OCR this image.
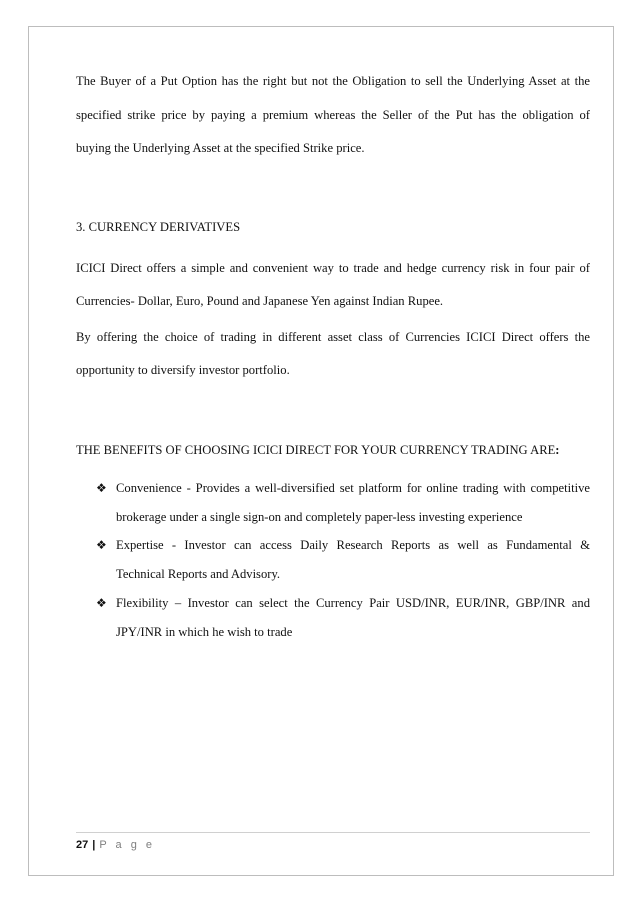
The Buyer of a Put Option has the right but not the Obligation to sell the Underlying Asset at the
specified strike price by paying a premium whereas the Seller of the Put has the obligation of
buying the Underlying Asset at the specified Strike price.
3. CURRENCY DERIVATIVES
ICICI Direct offers a simple and convenient way to trade and hedge currency risk in four pair of
Currencies- Dollar, Euro, Pound and Japanese Yen against Indian Rupee.
By offering the choice of trading in different asset class of Currencies ICICI Direct offers the
opportunity to diversify investor portfolio.
THE BENEFITS OF CHOOSING ICICI DIRECT FOR YOUR CURRENCY TRADING ARE:
❖ Convenience - Provides a well-diversified set platform for online trading with competitive
brokerage under a single sign-on and completely paper-less investing experience
❖ Expertise - Investor can access Daily Research Reports as well as Fundamental &
Technical Reports and Advisory.
❖ Flexibility – Investor can select the Currency Pair USD/INR, EUR/INR, GBP/INR and
JPY/INR in which he wish to trade
27 | P a g e
